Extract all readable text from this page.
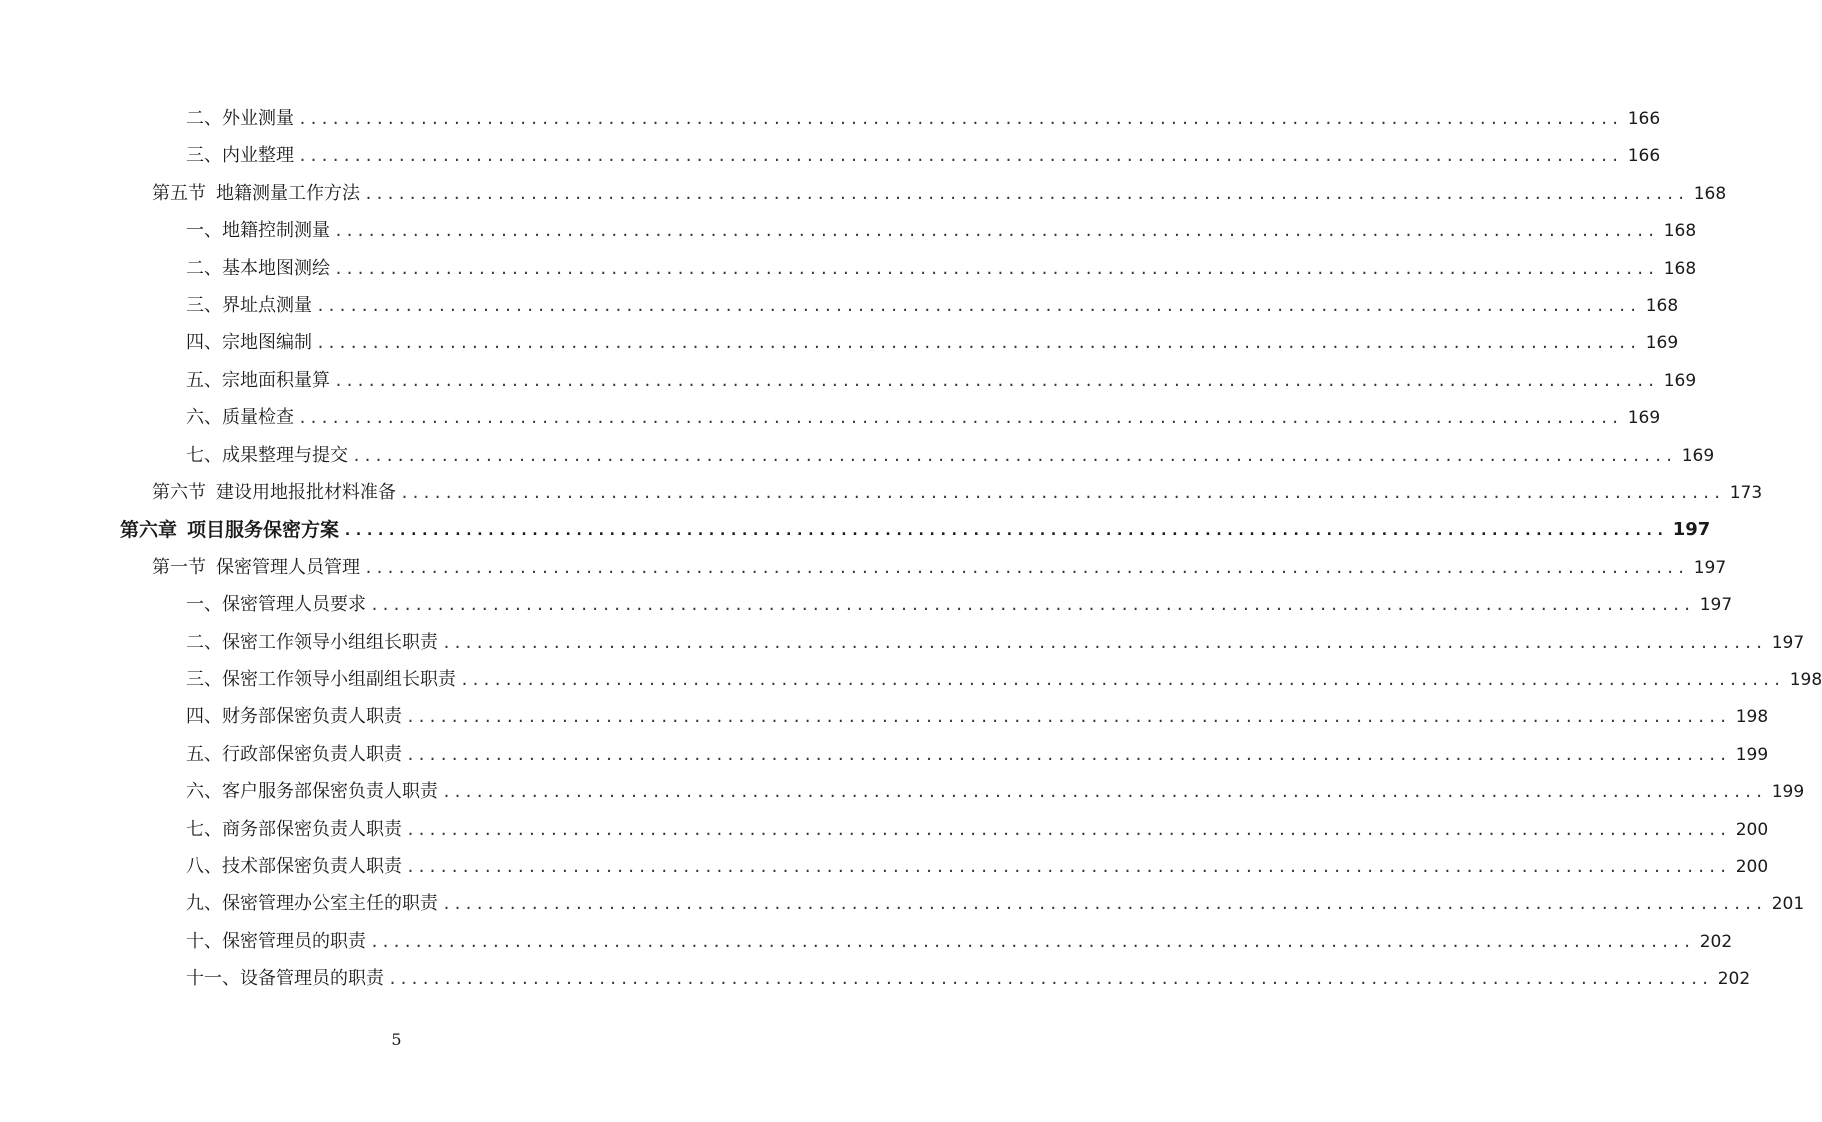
二、外业测量 ........................................................................................................................ 166
三、内业整理 ........................................................................................................................ 166
第五节 地籍测量工作方法 ........................................................................................................................ 168
一、地籍控制测量 ........................................................................................................................ 168
二、基本地图测绘 ........................................................................................................................ 168
三、界址点测量 ........................................................................................................................ 168
四、宗地图编制 ........................................................................................................................ 169
五、宗地面积量算 ........................................................................................................................ 169
六、质量检查 ........................................................................................................................ 169
七、成果整理与提交 ........................................................................................................................ 169
第六节 建设用地报批材料准备 ........................................................................................................................ 173
第六章 项目服务保密方案 ........................................................................................................................ 197
第一节 保密管理人员管理 ........................................................................................................................ 197
一、保密管理人员要求 ........................................................................................................................ 197
二、保密工作领导小组组长职责 ........................................................................................................................ 197
三、保密工作领导小组副组长职责 ........................................................................................................................ 198
四、财务部保密负责人职责 ........................................................................................................................ 198
五、行政部保密负责人职责 ........................................................................................................................ 199
六、客户服务部保密负责人职责 ........................................................................................................................ 199
七、商务部保密负责人职责 ........................................................................................................................ 200
八、技术部保密负责人职责 ........................................................................................................................ 200
九、保密管理办公室主任的职责 ........................................................................................................................ 201
十、保密管理员的职责 ........................................................................................................................ 202
十一、设备管理员的职责 ........................................................................................................................ 202
5
